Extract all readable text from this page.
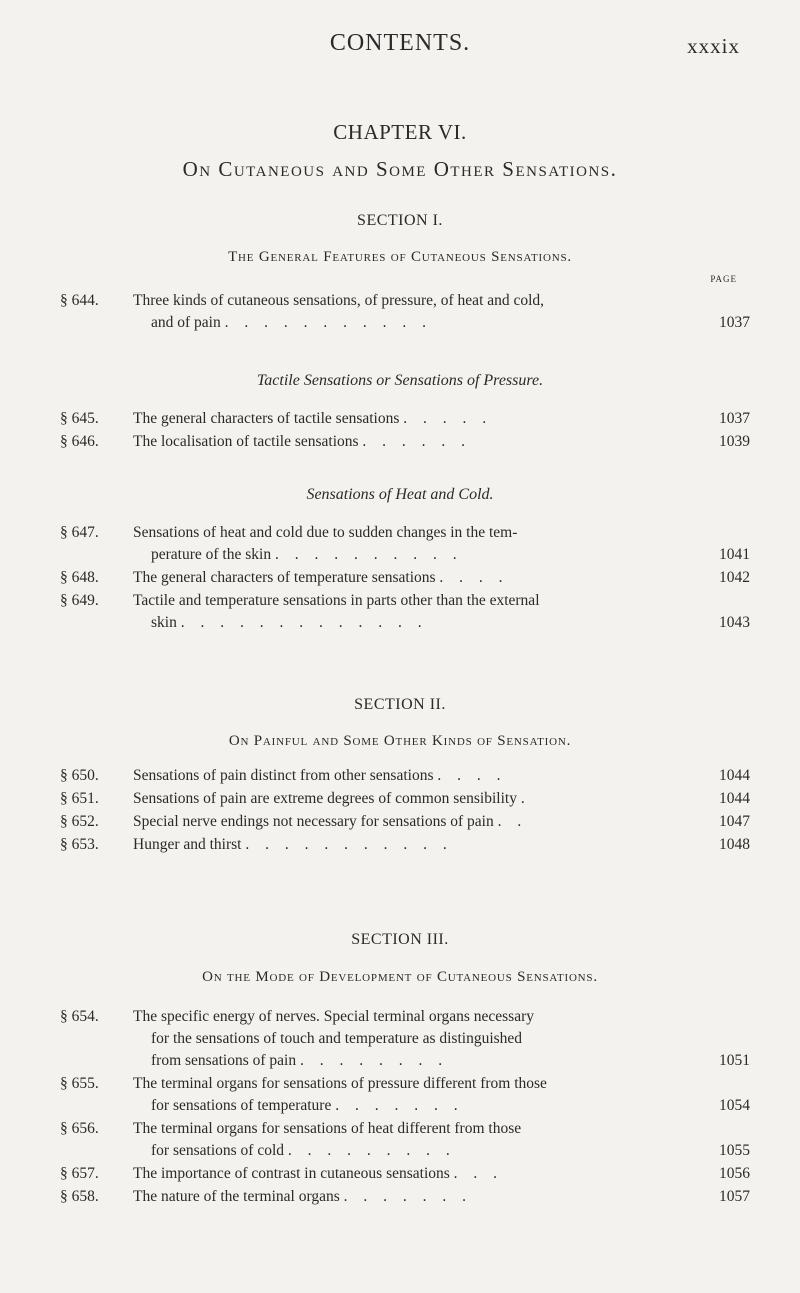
CONTENTS.	xxxix
CHAPTER VI.
On Cutaneous and Some Other Sensations.
SECTION I.
The General Features of Cutaneous Sensations.
PAGE
§ 644.	Three kinds of cutaneous sensations, of pressure, of heat and cold,
and of pain . . . . . . . . . . .	1037
Tactile Sensations or Sensations of Pressure.
§ 645.	The general characters of tactile sensations . . . . .	1037
§ 646.	The localisation of tactile sensations . . . . . .	1039
Sensations of Heat and Cold.
§ 647.	Sensations of heat and cold due to sudden changes in the tem-
perature of the skin . . . . . . . . . .	1041
§ 648.	The general characters of temperature sensations . . . .	1042
§ 649.	Tactile and temperature sensations in parts other than the external
skin . . . . . . . . . . . . .	1043
SECTION II.
On Painful and Some Other Kinds of Sensation.
§ 650.	Sensations of pain distinct from other sensations . . . .	1044
§ 651.	Sensations of pain are extreme degrees of common sensibility .	1044
§ 652.	Special nerve endings not necessary for sensations of pain . .	1047
§ 653.	Hunger and thirst . . . . . . . . . . .	1048
SECTION III.
On the Mode of Development of Cutaneous Sensations.
§ 654.	The specific energy of nerves. Special terminal organs necessary
for the sensations of touch and temperature as distinguished
from sensations of pain . . . . . . . .	1051
§ 655.	The terminal organs for sensations of pressure different from those
for sensations of temperature . . . . . . .	1054
§ 656.	The terminal organs for sensations of heat different from those
for sensations of cold . . . . . . . . .	1055
§ 657.	The importance of contrast in cutaneous sensations . . .	1056
§ 658.	The nature of the terminal organs . . . . . . .	1057
